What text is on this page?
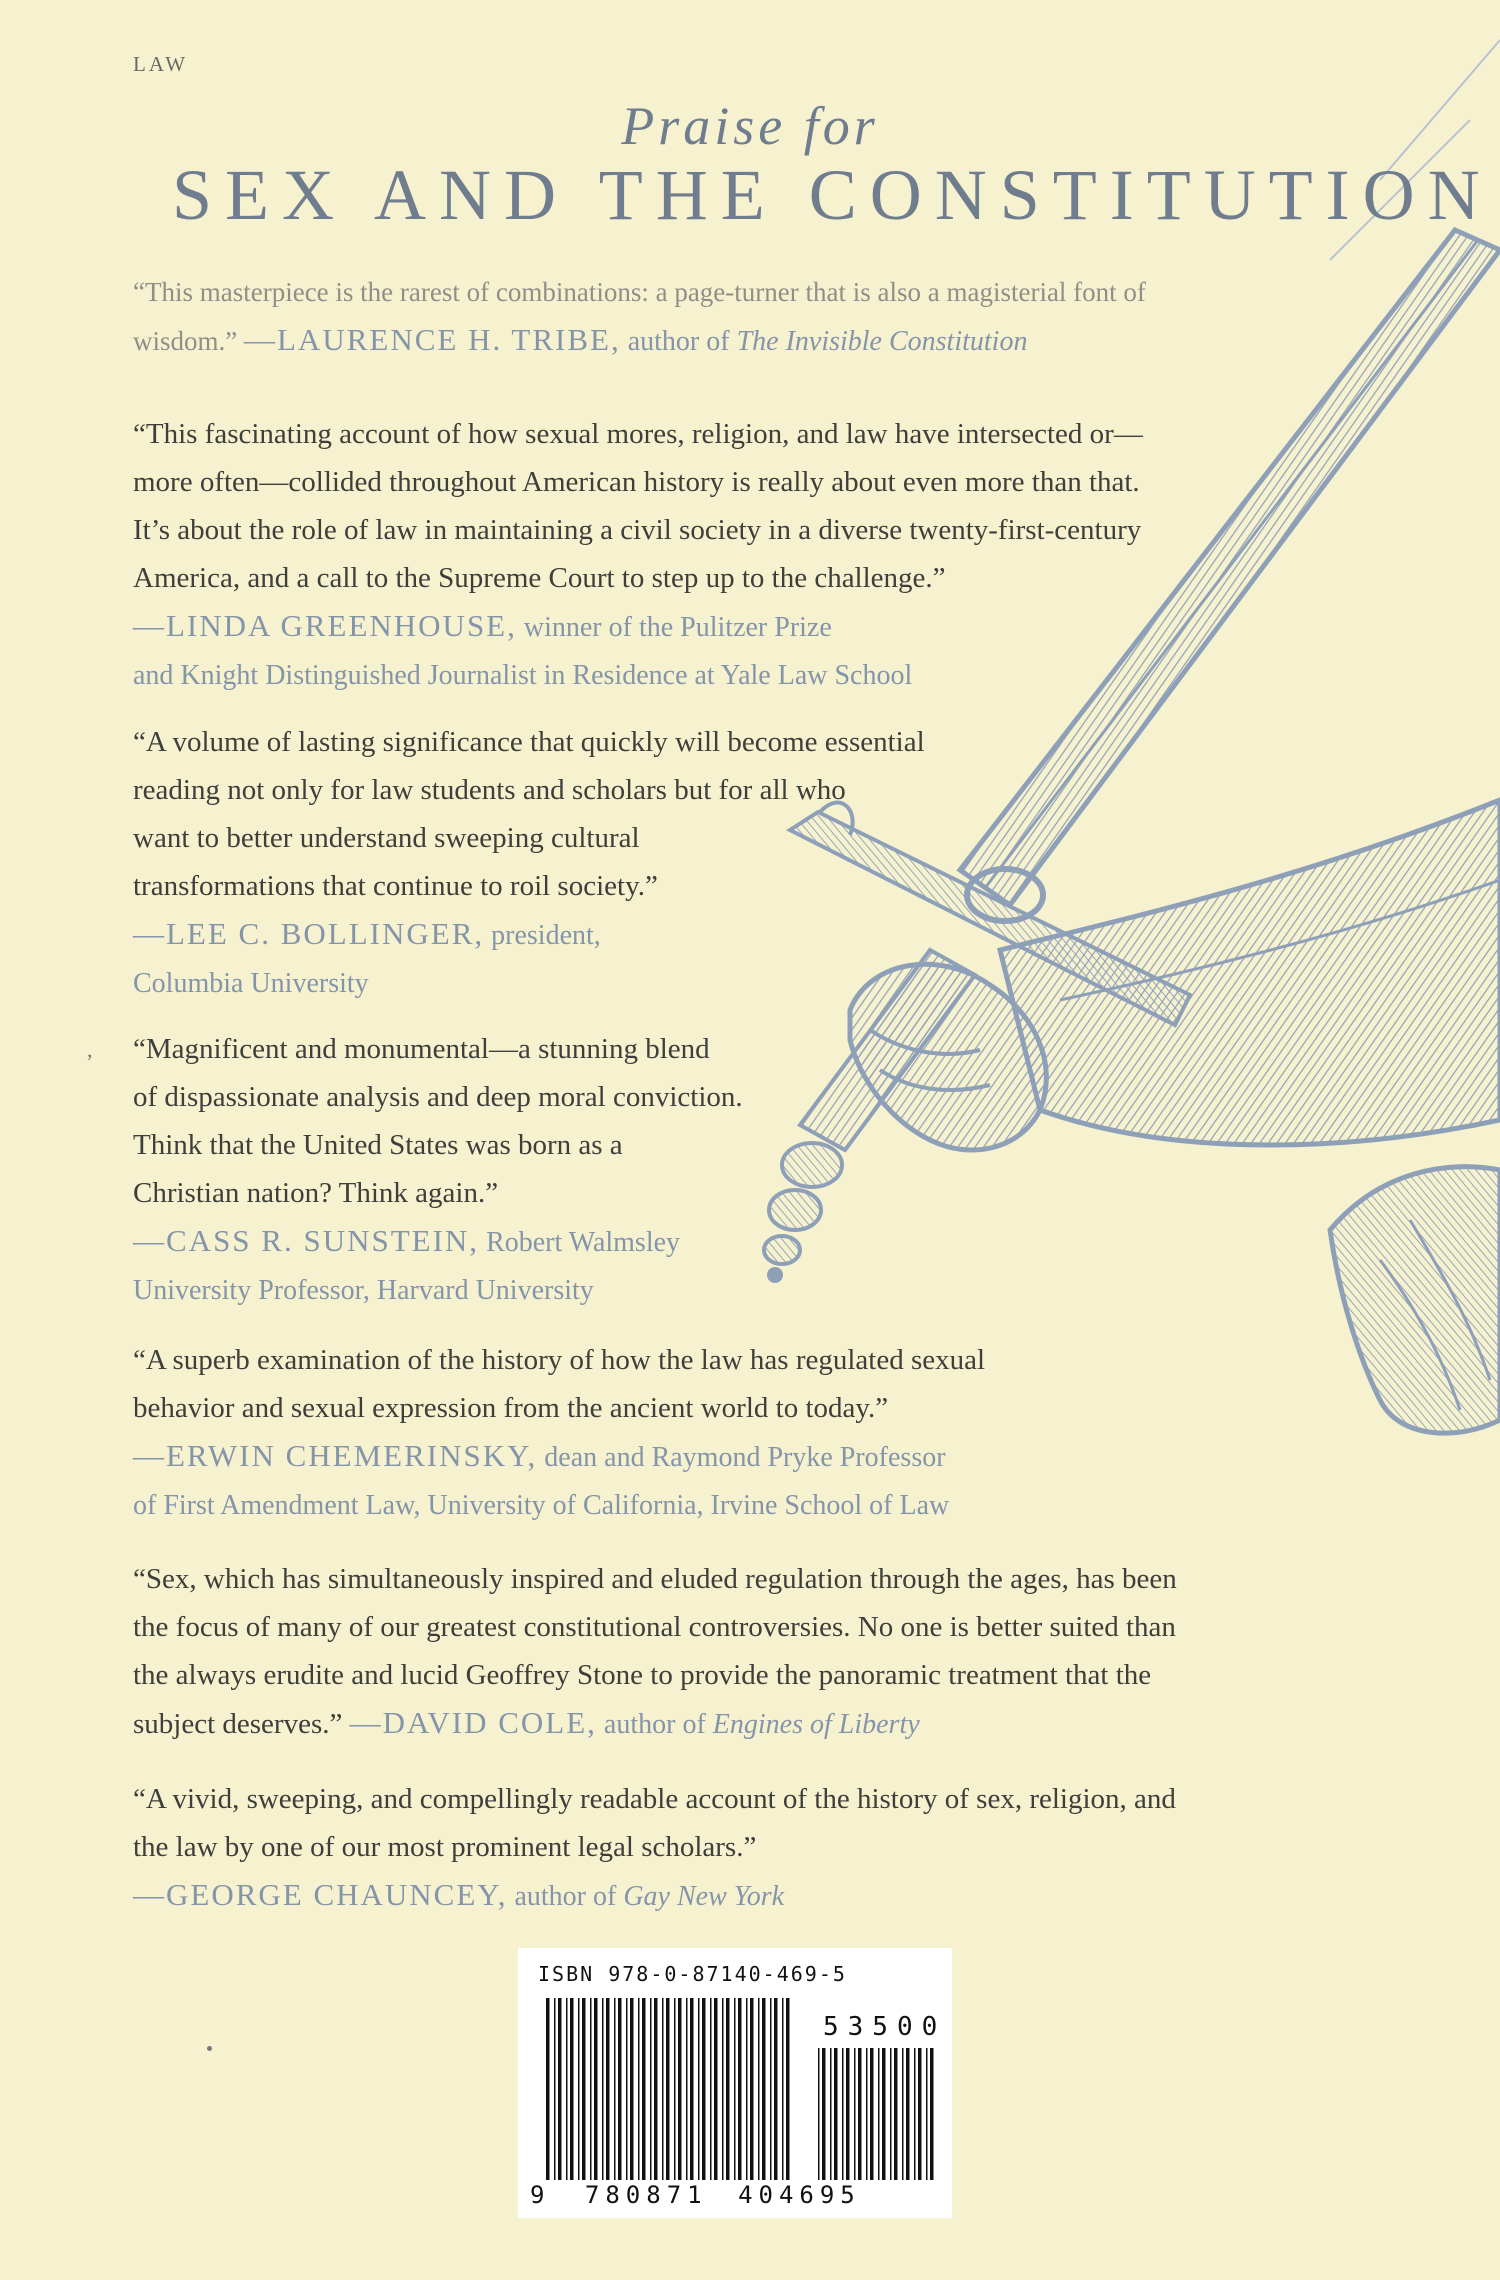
LAW
Praise for
SEX AND THE CONSTITUTION
“This masterpiece is the rarest of combinations: a page-turner that is also a magisterial font of
wisdom.” —LAURENCE H. TRIBE, author of The Invisible Constitution
“This fascinating account of how sexual mores, religion, and law have intersected or—
more often—collided throughout American history is really about even more than that.
It’s about the role of law in maintaining a civil society in a diverse twenty-first-century
America, and a call to the Supreme Court to step up to the challenge.”
—LINDA GREENHOUSE, winner of the Pulitzer Prize
and Knight Distinguished Journalist in Residence at Yale Law School
“A volume of lasting significance that quickly will become essential
reading not only for law students and scholars but for all who
want to better understand sweeping cultural
transformations that continue to roil society.”
—LEE C. BOLLINGER, president,
Columbia University
, “Magnificent and monumental—a stunning blend
of dispassionate analysis and deep moral conviction.
Think that the United States was born as a
Christian nation? Think again.”
—CASS R. SUNSTEIN, Robert Walmsley
University Professor, Harvard University
“A superb examination of the history of how the law has regulated sexual
behavior and sexual expression from the ancient world to today.”
—ERWIN CHEMERINSKY, dean and Raymond Pryke Professor
of First Amendment Law, University of California, Irvine School of Law
“Sex, which has simultaneously inspired and eluded regulation through the ages, has been
the focus of many of our greatest constitutional controversies. No one is better suited than
the always erudite and lucid Geoffrey Stone to provide the panoramic treatment that the
subject deserves.” —DAVID COLE, author of Engines of Liberty
“A vivid, sweeping, and compellingly readable account of the history of sex, religion, and
the law by one of our most prominent legal scholars.”
—GEORGE CHAUNCEY, author of Gay New York
ISBN 978-0-87140-469-5
53500
9 780871 404695
